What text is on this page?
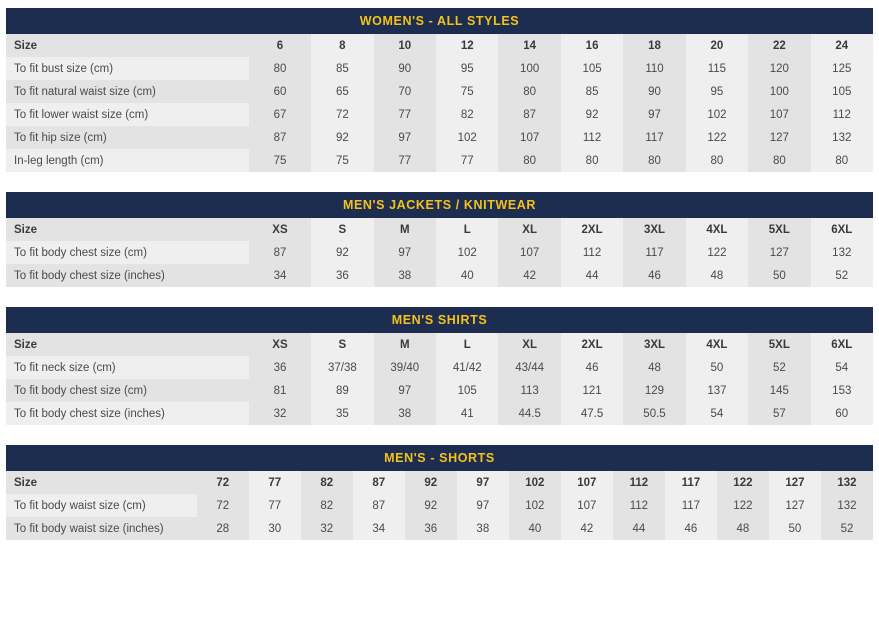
WOMEN'S - ALL STYLES
Size	6	8	10	12	14	16	18	20	22	24
To fit bust size (cm)	80	85	90	95	100	105	110	115	120	125
To fit natural waist size (cm)	60	65	70	75	80	85	90	95	100	105
To fit lower waist size (cm)	67	72	77	82	87	92	97	102	107	112
To fit hip size (cm)	87	92	97	102	107	112	117	122	127	132
In-leg length (cm)	75	75	77	77	80	80	80	80	80	80
MEN'S JACKETS / KNITWEAR
Size	XS	S	M	L	XL	2XL	3XL	4XL	5XL	6XL
To fit body chest size (cm)	87	92	97	102	107	112	117	122	127	132
To fit body chest size (inches)	34	36	38	40	42	44	46	48	50	52
MEN'S SHIRTS
Size	XS	S	M	L	XL	2XL	3XL	4XL	5XL	6XL
To fit neck size (cm)	36	37/38	39/40	41/42	43/44	46	48	50	52	54
To fit body chest size (cm)	81	89	97	105	113	121	129	137	145	153
To fit body chest size (inches)	32	35	38	41	44.5	47.5	50.5	54	57	60
MEN'S - SHORTS
Size	72	77	82	87	92	97	102	107	112	117	122	127	132
To fit body waist size (cm)	72	77	82	87	92	97	102	107	112	117	122	127	132
To fit body waist size (inches)	28	30	32	34	36	38	40	42	44	46	48	50	52
